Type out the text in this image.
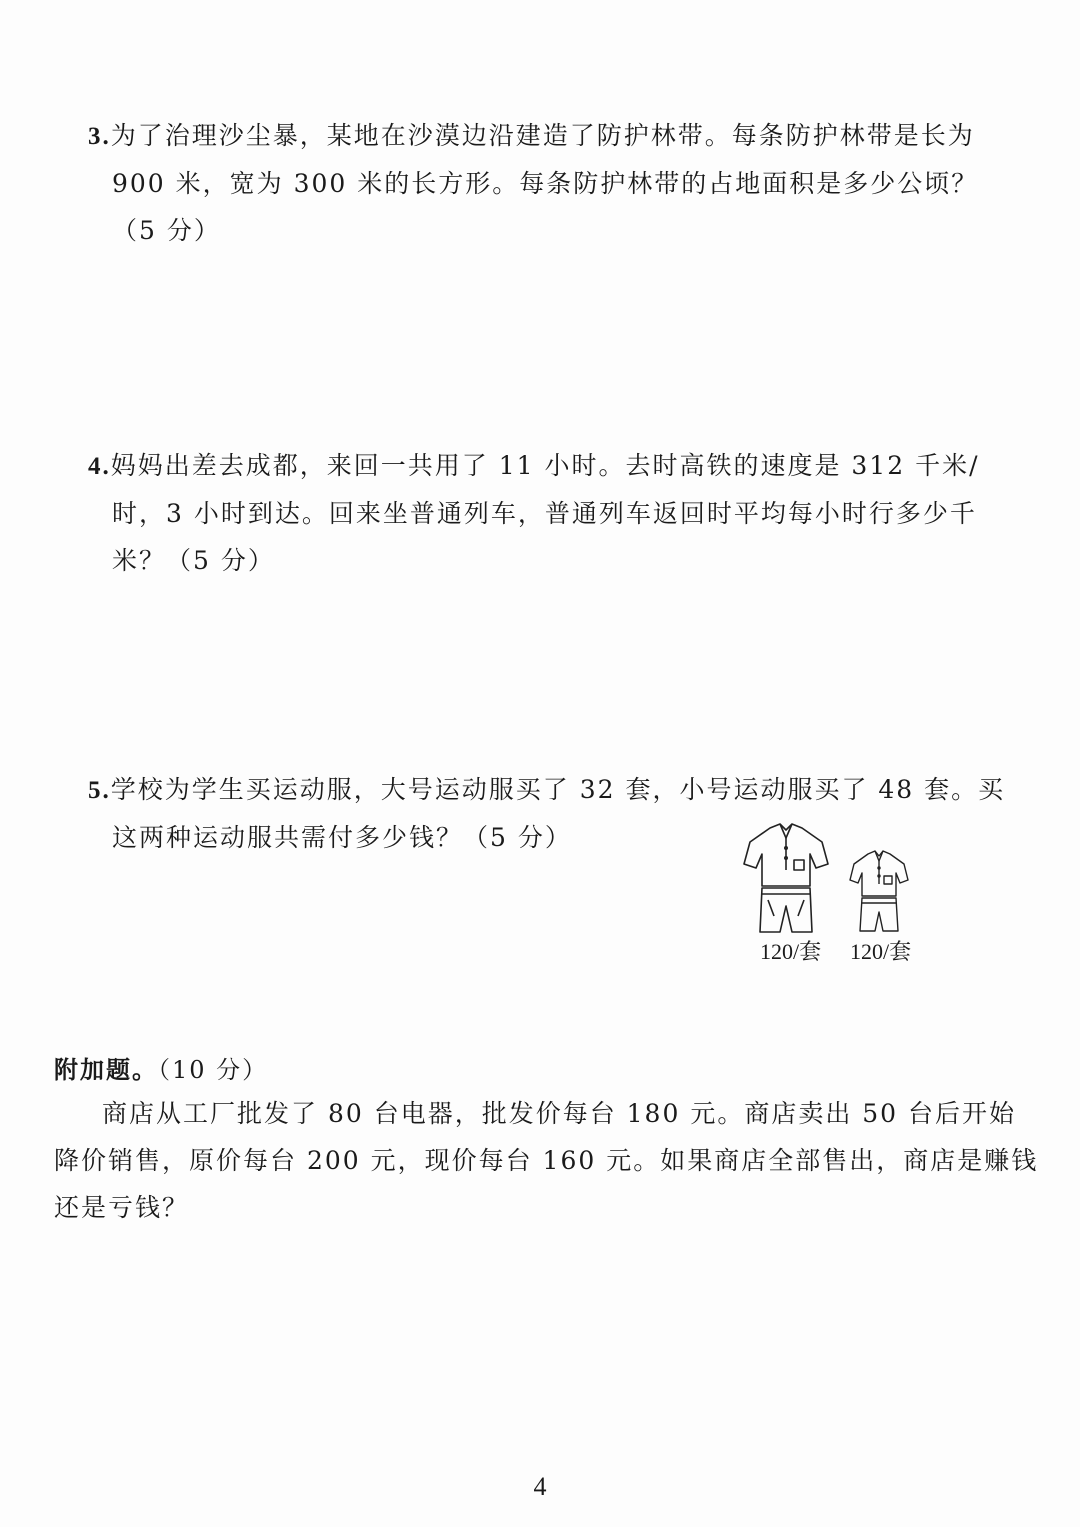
3.为了治理沙尘暴，某地在沙漠边沿建造了防护林带。每条防护林带是长为
900 米，宽为 300 米的长方形。每条防护林带的占地面积是多少公顷？
（5 分）
4.妈妈出差去成都，来回一共用了 11 小时。去时高铁的速度是 312 千米/
时，3 小时到达。回来坐普通列车，普通列车返回时平均每小时行多少千
米？（5 分）
5.学校为学生买运动服，大号运动服买了 32 套，小号运动服买了 48 套。买
这两种运动服共需付多少钱？（5 分）
120/套 120/套
附加题。（10 分）
商店从工厂批发了 80 台电器，批发价每台 180 元。商店卖出 50 台后开始
降价销售，原价每台 200 元，现价每台 160 元。如果商店全部售出，商店是赚钱
还是亏钱？
4
